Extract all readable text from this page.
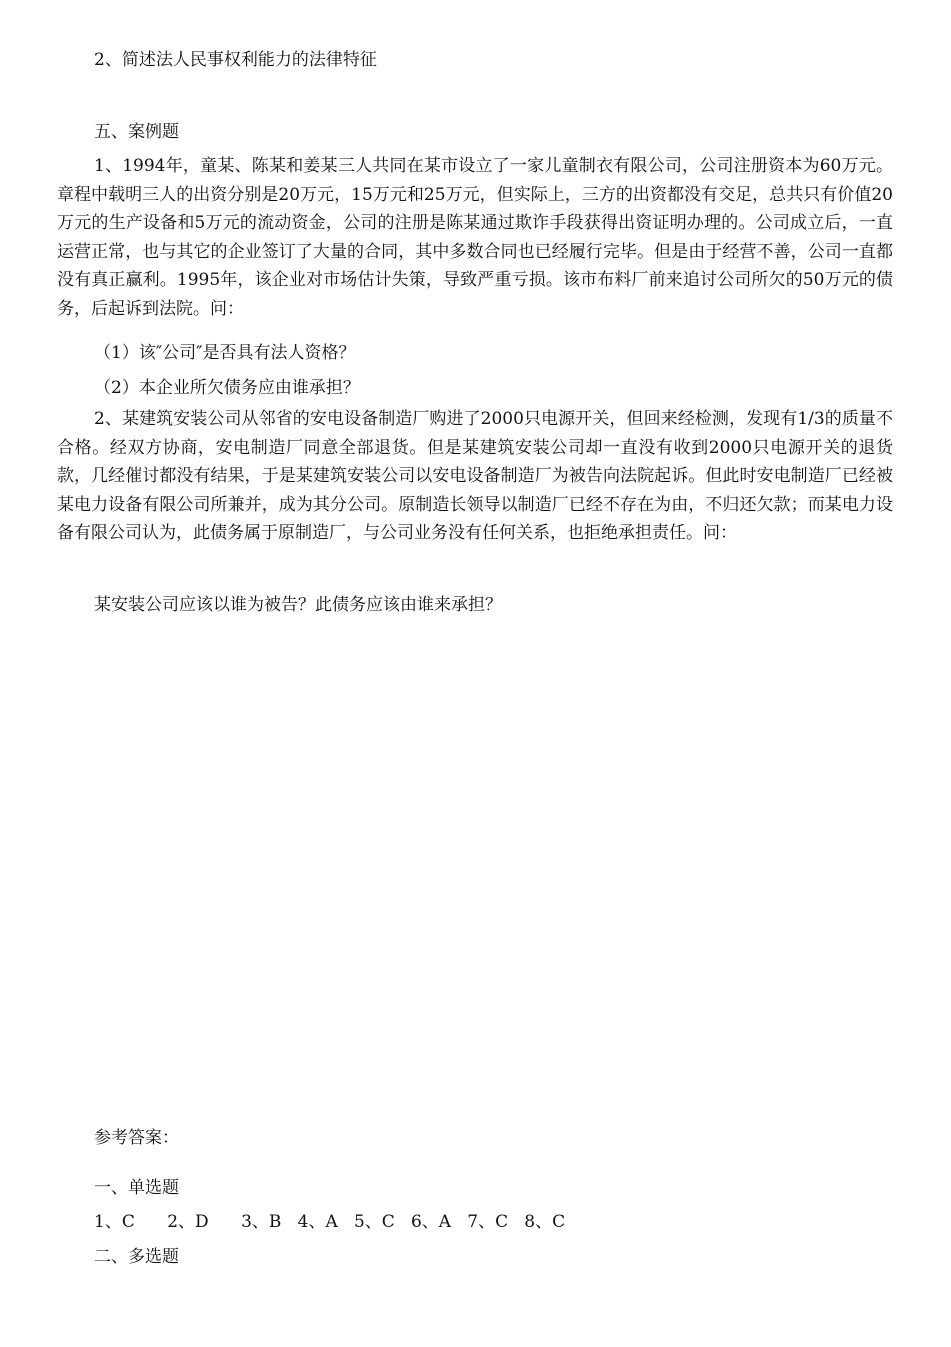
2、简述法人民事权利能力的法律特征
五、案例题
1、1994年，童某、陈某和姜某三人共同在某市设立了一家儿童制衣有限公司，公司注册资本为60万元。章程中载明三人的出资分别是20万元，15万元和25万元，但实际上，三方的出资都没有交足，总共只有价值20万元的生产设备和5万元的流动资金，公司的注册是陈某通过欺诈手段获得出资证明办理的。公司成立后，一直运营正常，也与其它的企业签订了大量的合同，其中多数合同也已经履行完毕。但是由于经营不善，公司一直都没有真正赢利。1995年，该企业对市场估计失策，导致严重亏损。该市布料厂前来追讨公司所欠的50万元的债务，后起诉到法院。问：
（1）该″公司″是否具有法人资格？
（2）本企业所欠债务应由谁承担？
2、某建筑安装公司从邻省的安电设备制造厂购进了2000只电源开关，但回来经检测，发现有1/3的质量不合格。经双方协商，安电制造厂同意全部退货。但是某建筑安装公司却一直没有收到2000只电源开关的退货款，几经催讨都没有结果，于是某建筑安装公司以安电设备制造厂为被告向法院起诉。但此时安电制造厂已经被某电力设备有限公司所兼并，成为其分公司。原制造长领导以制造厂已经不存在为由，不归还欠款；而某电力设备有限公司认为，此债务属于原制造厂，与公司业务没有任何关系，也拒绝承担责任。问：
某安装公司应该以谁为被告？此债务应该由谁来承担？
参考答案：
一、单选题
1、C      2、D      3、B   4、A   5、C   6、A   7、C   8、C
二、多选题
